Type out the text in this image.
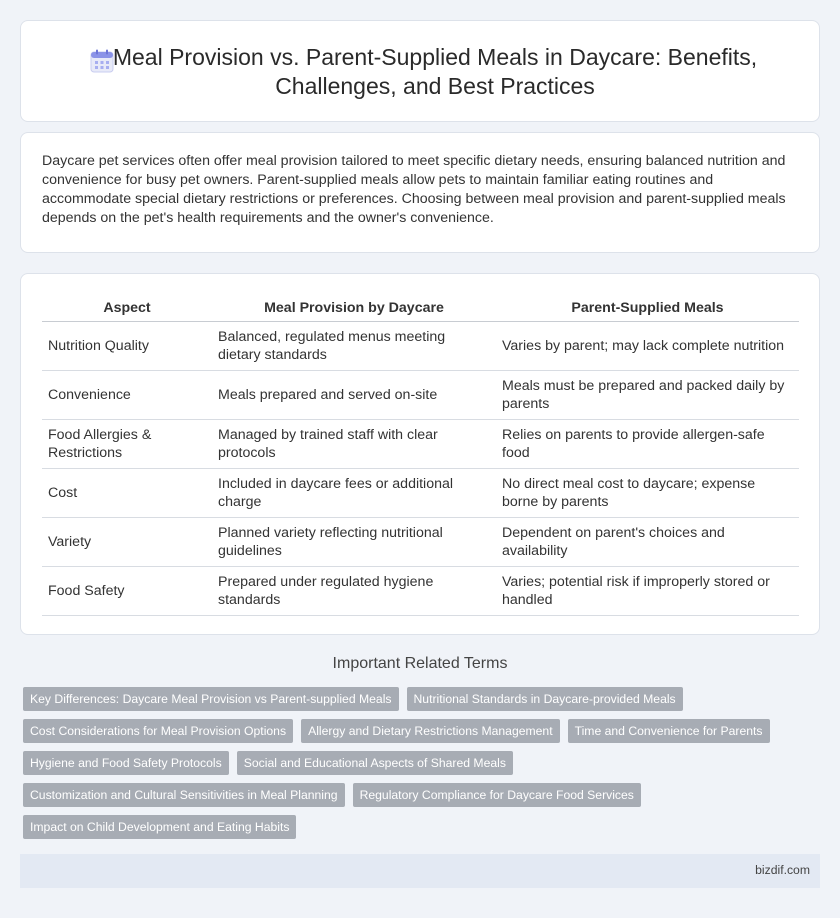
Meal Provision vs. Parent-Supplied Meals in Daycare: Benefits, Challenges, and Best Practices

Daycare pet services often offer meal provision tailored to meet specific dietary needs, ensuring balanced nutrition and convenience for busy pet owners. Parent-supplied meals allow pets to maintain familiar eating routines and accommodate special dietary restrictions or preferences. Choosing between meal provision and parent-supplied meals depends on the pet's health requirements and the owner's convenience.

Aspect	Meal Provision by Daycare	Parent-Supplied Meals
Nutrition Quality	Balanced, regulated menus meeting dietary standards	Varies by parent; may lack complete nutrition
Convenience	Meals prepared and served on-site	Meals must be prepared and packed daily by parents
Food Allergies & Restrictions	Managed by trained staff with clear protocols	Relies on parents to provide allergen-safe food
Cost	Included in daycare fees or additional charge	No direct meal cost to daycare; expense borne by parents
Variety	Planned variety reflecting nutritional guidelines	Dependent on parent's choices and availability
Food Safety	Prepared under regulated hygiene standards	Varies; potential risk if improperly stored or handled
Important Related Terms
Key Differences: Daycare Meal Provision vs Parent-supplied Meals	Nutritional Standards in Daycare-provided Meals
Cost Considerations for Meal Provision Options	Allergy and Dietary Restrictions Management	Time and Convenience for Parents
Hygiene and Food Safety Protocols	Social and Educational Aspects of Shared Meals
Customization and Cultural Sensitivities in Meal Planning	Regulatory Compliance for Daycare Food Services
Impact on Child Development and Eating Habits
bizdif.com
